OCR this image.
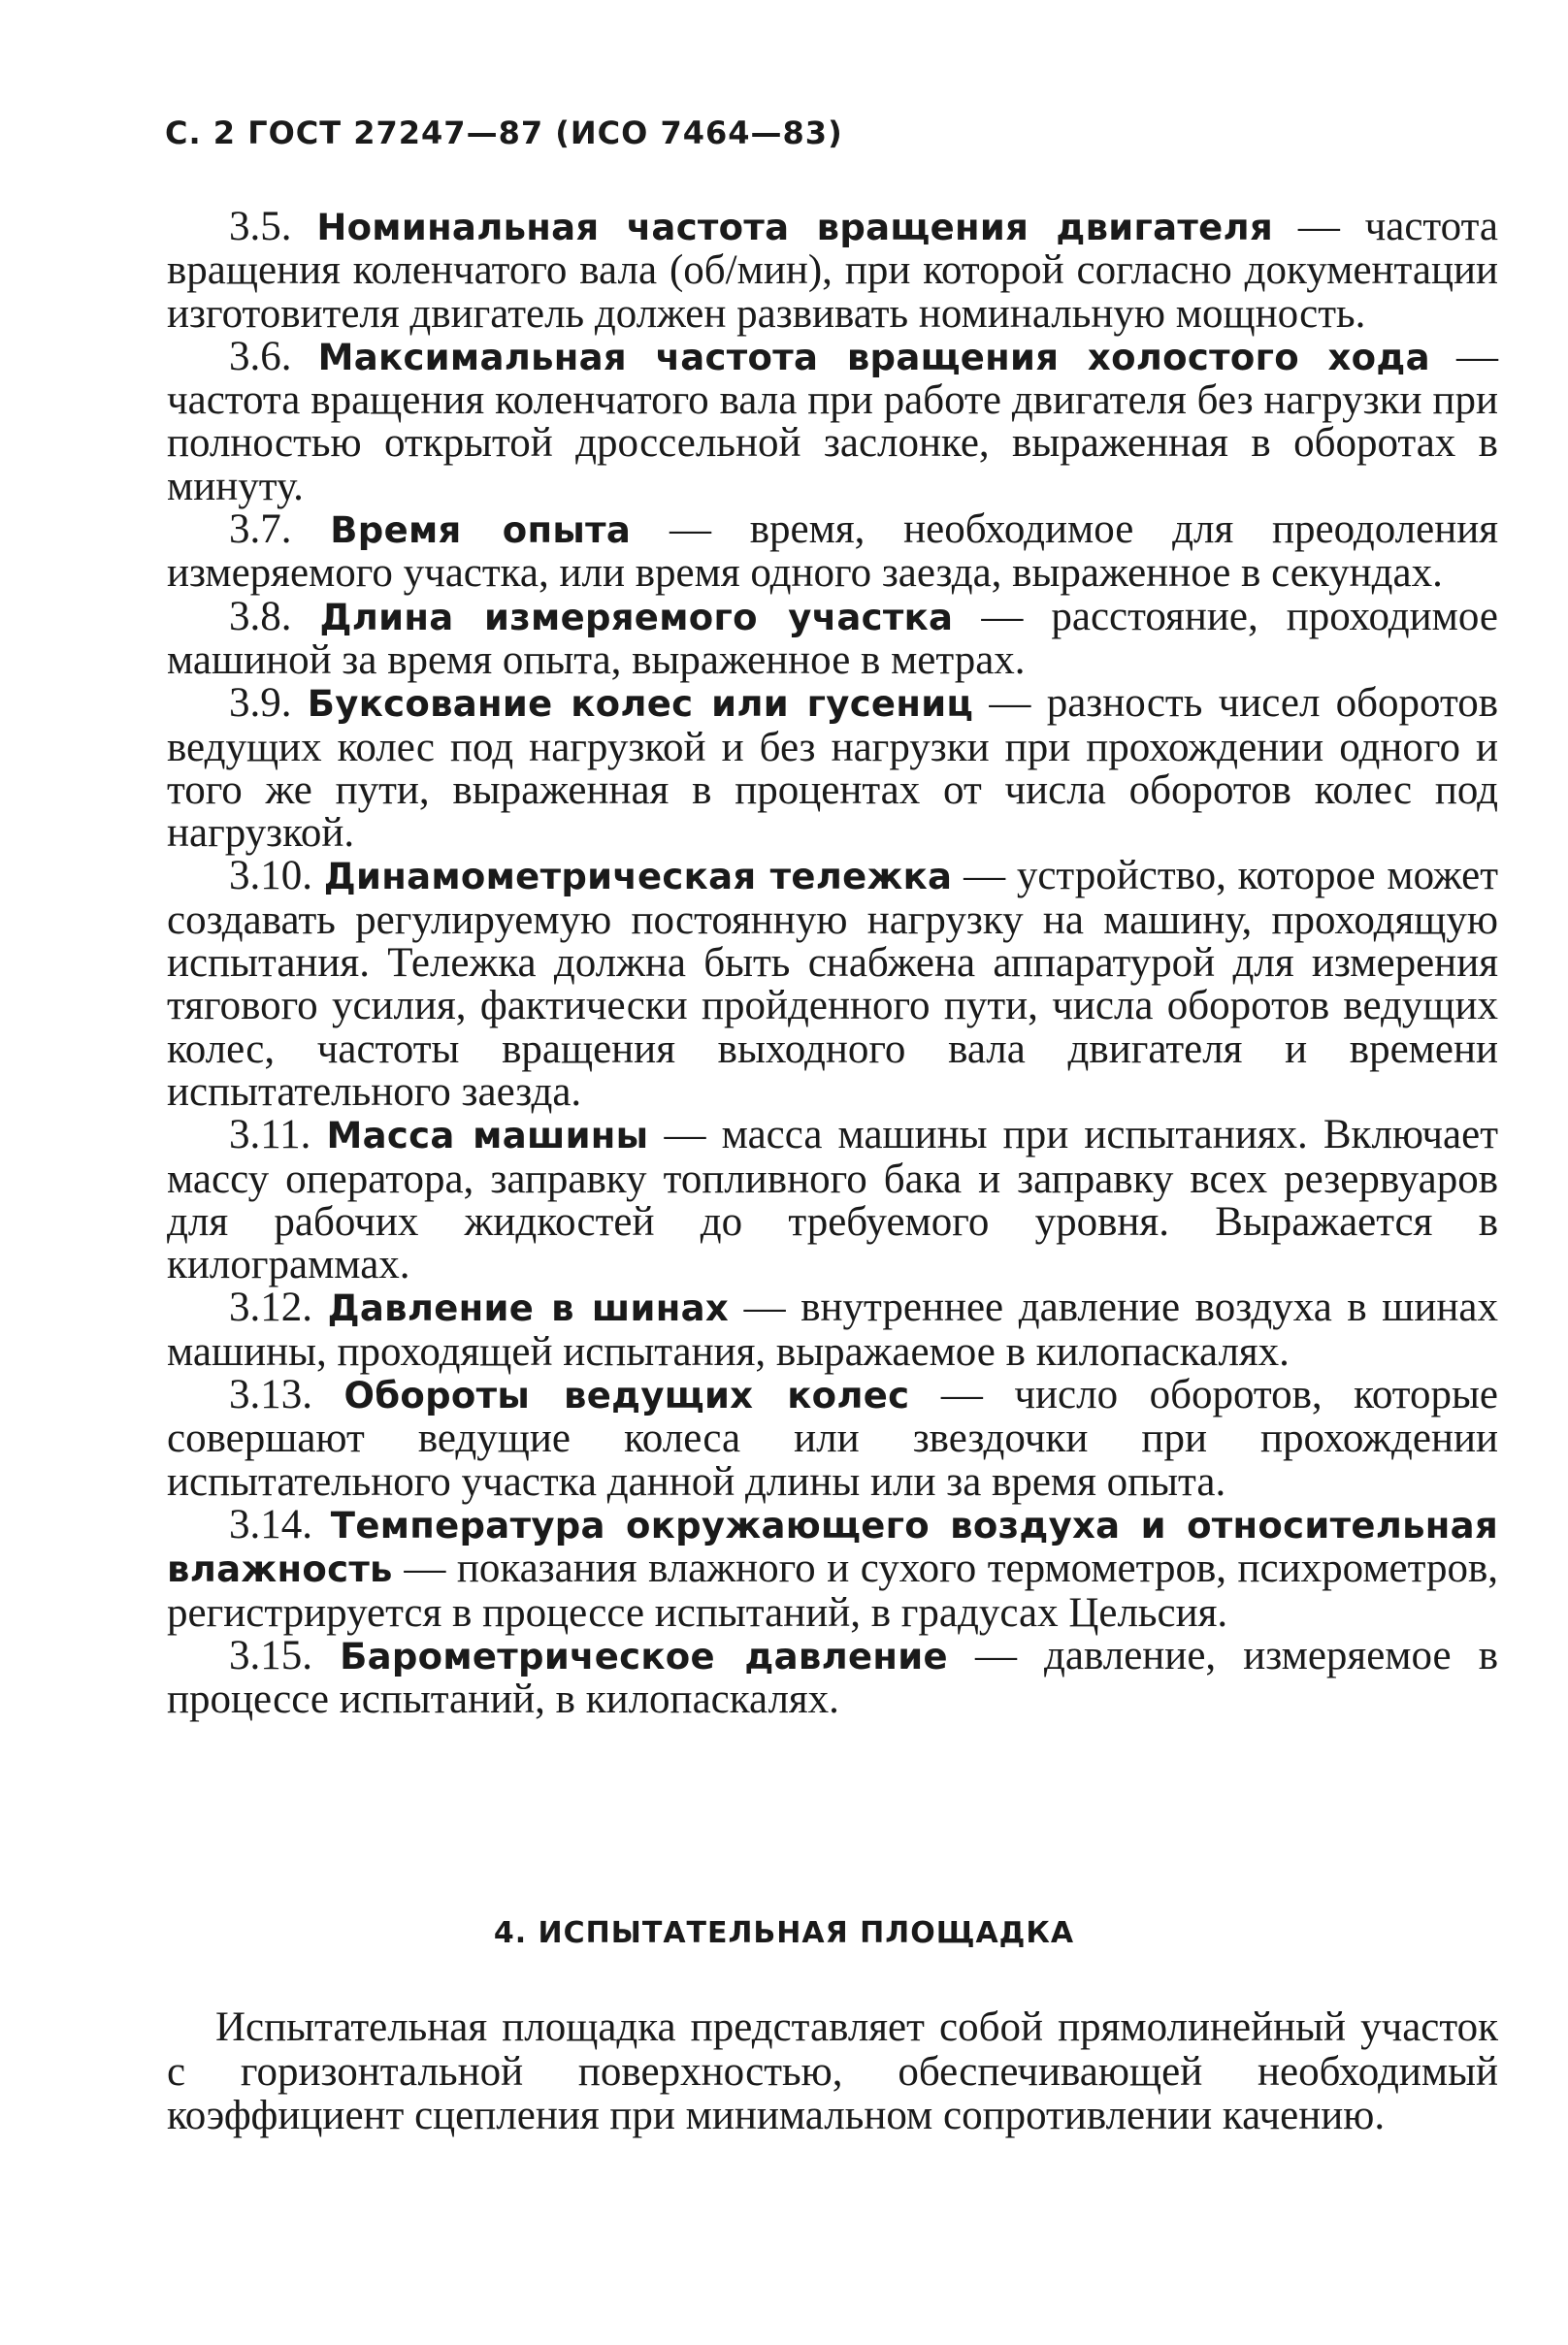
С. 2 ГОСТ 27247—87 (ИСО 7464—83)

3.5. Номинальная частота вращения двигателя — частота вращения коленчатого вала (об/мин), при которой согласно документации изготовителя двигатель должен развивать номинальную мощность.

3.6. Максимальная частота вращения холостого хода — частота вращения коленчатого вала при работе двигателя без нагрузки при полностью открытой дроссельной заслонке, выраженная в оборотах в минуту.

3.7. Время опыта — время, необходимое для преодоления измеряемого участка, или время одного заезда, выраженное в секундах.

3.8. Длина измеряемого участка — расстояние, проходимое машиной за время опыта, выраженное в метрах.

3.9. Буксование колес или гусениц — разность чисел оборотов ведущих колес под нагрузкой и без нагрузки при прохождении одного и того же пути, выраженная в процентах от числа оборотов колес под нагрузкой.

3.10. Динамометрическая тележка — устройство, которое может создавать регулируемую постоянную нагрузку на машину, проходящую испытания. Тележка должна быть снабжена аппаратурой для измерения тягового усилия, фактически пройденного пути, числа оборотов ведущих колес, частоты вращения выходного вала двигателя и времени испытательного заезда.

3.11. Масса машины — масса машины при испытаниях. Включает массу оператора, заправку топливного бака и заправку всех резервуаров для рабочих жидкостей до требуемого уровня. Выражается в килограммах.

3.12. Давление в шинах — внутреннее давление воздуха в шинах машины, проходящей испытания, выражаемое в килопаскалях.

3.13. Обороты ведущих колес — число оборотов, которые совершают ведущие колеса или звездочки при прохождении испытательного участка данной длины или за время опыта.

3.14. Температура окружающего воздуха и относительная влажность — показания влажного и сухого термометров, психрометров, регистрируется в процессе испытаний, в градусах Цельсия.

3.15. Барометрическое давление — давление, измеряемое в процессе испытаний, в килопаскалях.

4. ИСПЫТАТЕЛЬНАЯ ПЛОЩАДКА

Испытательная площадка представляет собой прямолинейный участок с горизонтальной поверхностью, обеспечивающей необходимый коэффициент сцепления при минимальном сопротивлении качению.
